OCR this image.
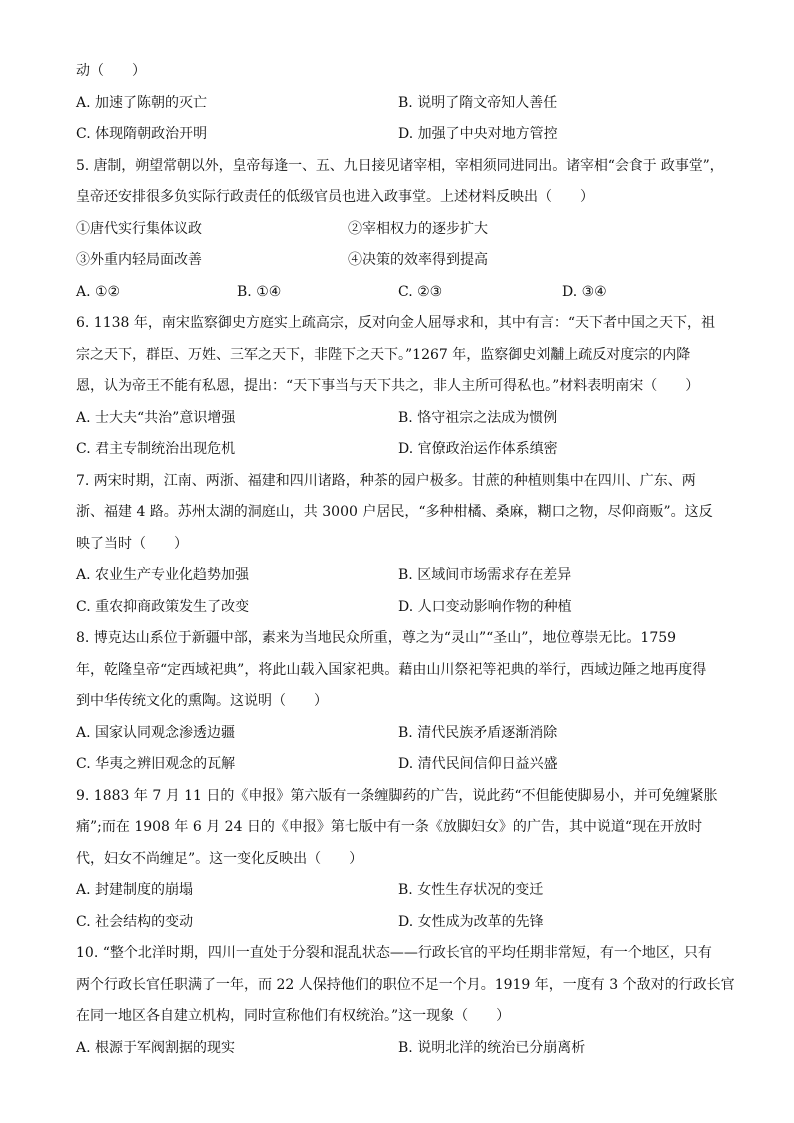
动（　　）
A. 加速了陈朝的灭亡	B. 说明了隋文帝知人善任
C. 体现隋朝政治开明	D. 加强了中央对地方管控
5. 唐制，朔望常朝以外，皇帝每逢一、五、九日接见诸宰相，宰相须同进同出。诸宰相“会食于 政事堂”，
皇帝还安排很多负实际行政责任的低级官员也进入政事堂。上述材料反映出（　　）
①唐代实行集体议政	②宰相权力的逐步扩大
③外重内轻局面改善	④决策的效率得到提高
A. ①②	B. ①④	C. ②③	D. ③④
6. 1138 年，南宋监察御史方庭实上疏高宗，反对向金人屈辱求和，其中有言：“天下者中国之天下，祖
宗之天下，群臣、万姓、三军之天下，非陛下之天下。”1267 年，监察御史刘黼上疏反对度宗的内降
恩，认为帝王不能有私恩，提出：“天下事当与天下共之，非人主所可得私也。”材料表明南宋（　　）
A. 士大夫“共治”意识增强	B. 恪守祖宗之法成为惯例
C. 君主专制统治出现危机	D. 官僚政治运作体系缜密
7. 两宋时期，江南、两浙、福建和四川诸路，种茶的园户极多。甘蔗的种植则集中在四川、广东、两
浙、福建 4 路。苏州太湖的洞庭山，共 3000 户居民，“多种柑橘、桑麻，糊口之物，尽仰商贩”。这反
映了当时（　　）
A. 农业生产专业化趋势加强	B. 区域间市场需求存在差异
C. 重农抑商政策发生了改变	D. 人口变动影响作物的种植
8. 博克达山系位于新疆中部，素来为当地民众所重，尊之为“灵山”“圣山”，地位尊崇无比。1759
年，乾隆皇帝“定西域祀典”，将此山载入国家祀典。藉由山川祭祀等祀典的举行，西域边陲之地再度得
到中华传统文化的熏陶。这说明（　　）
A. 国家认同观念渗透边疆	B. 清代民族矛盾逐渐消除
C. 华夷之辨旧观念的瓦解	D. 清代民间信仰日益兴盛
9. 1883 年 7 月 11 日的《申报》第六版有一条缠脚药的广告，说此药“不但能使脚易小，并可免缠紧胀
痛”;而在 1908 年 6 月 24 日的《申报》第七版中有一条《放脚妇女》的广告，其中说道“现在开放时
代，妇女不尚缠足”。这一变化反映出（　　）
A. 封建制度的崩塌	B. 女性生存状况的变迁
C. 社会结构的变动	D. 女性成为改革的先锋
10. “整个北洋时期，四川一直处于分裂和混乱状态——行政长官的平均任期非常短，有一个地区，只有
两个行政长官任职满了一年，而 22 人保持他们的职位不足一个月。1919 年，一度有 3 个敌对的行政长官
在同一地区各自建立机构，同时宣称他们有权统治。”这一现象（　　）
A. 根源于军阀割据的现实	B. 说明北洋的统治已分崩离析
